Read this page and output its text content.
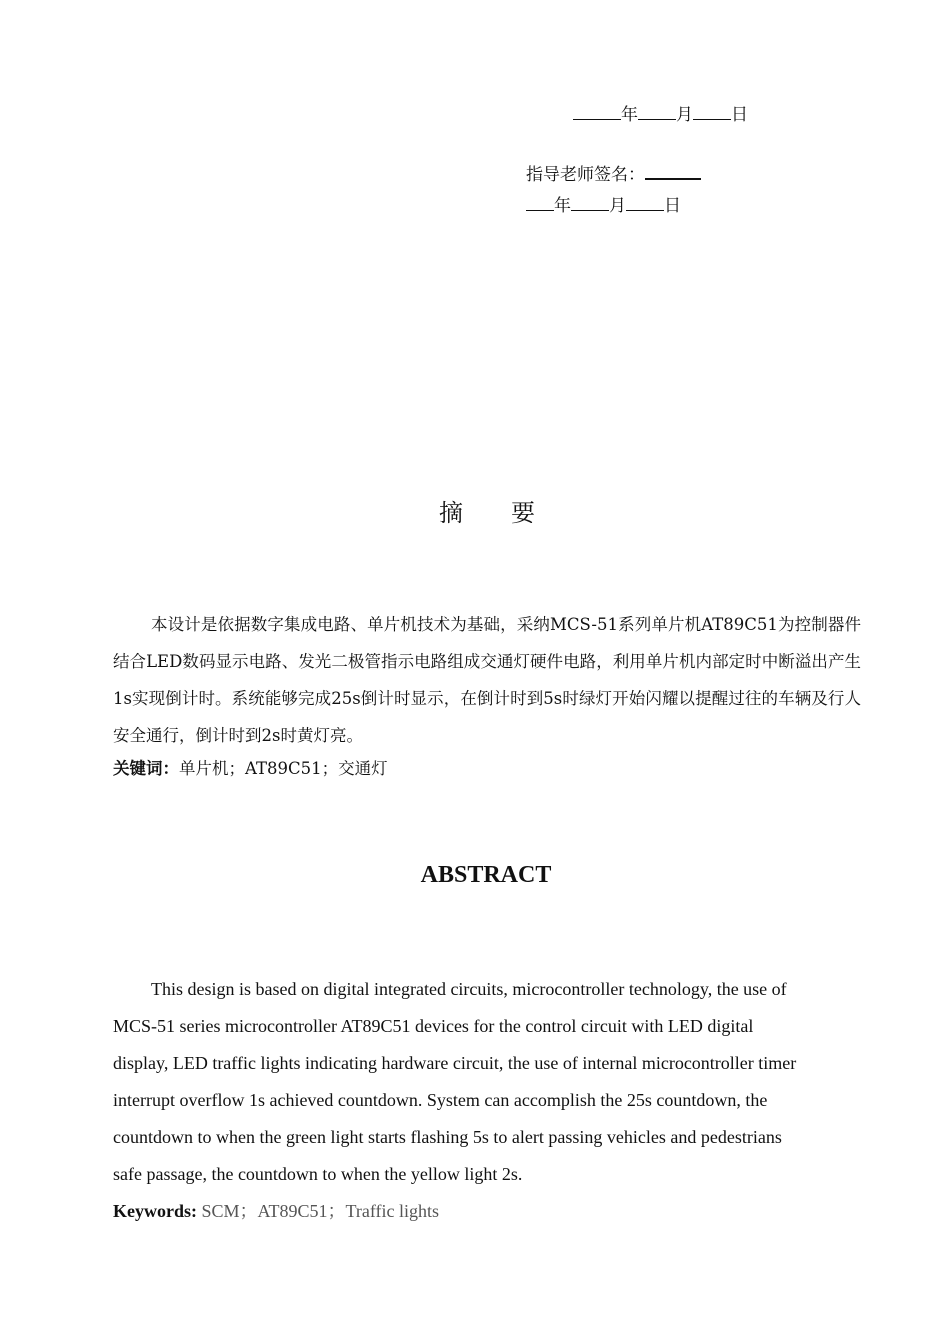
年 月 日
指导老师签名：
年 月 日
摘 要
本设计是依据数字集成电路、单片机技术为基础，采纳MCS-51系列单片机AT89C51为控制器件结合LED数码显示电路、发光二极管指示电路组成交通灯硬件电路，利用单片机内部定时中断溢出产生1s实现倒计时。系统能够完成25s倒计时显示，在倒计时到5s时绿灯开始闪耀以提醒过往的车辆及行人安全通行，倒计时到2s时黄灯亮。
关键词：单片机；AT89C51；交通灯
ABSTRACT
This design is based on digital integrated circuits, microcontroller technology, the use of
MCS-51 series microcontroller AT89C51 devices for the control circuit with LED digital
display, LED traffic lights indicating hardware circuit, the use of internal microcontroller timer
interrupt overflow 1s achieved countdown. System can accomplish the 25s countdown, the
countdown to when the green light starts flashing 5s to alert passing vehicles and pedestrians
safe passage, the countdown to when the yellow light 2s.
Keywords: SCM；AT89C51；Traffic lights
